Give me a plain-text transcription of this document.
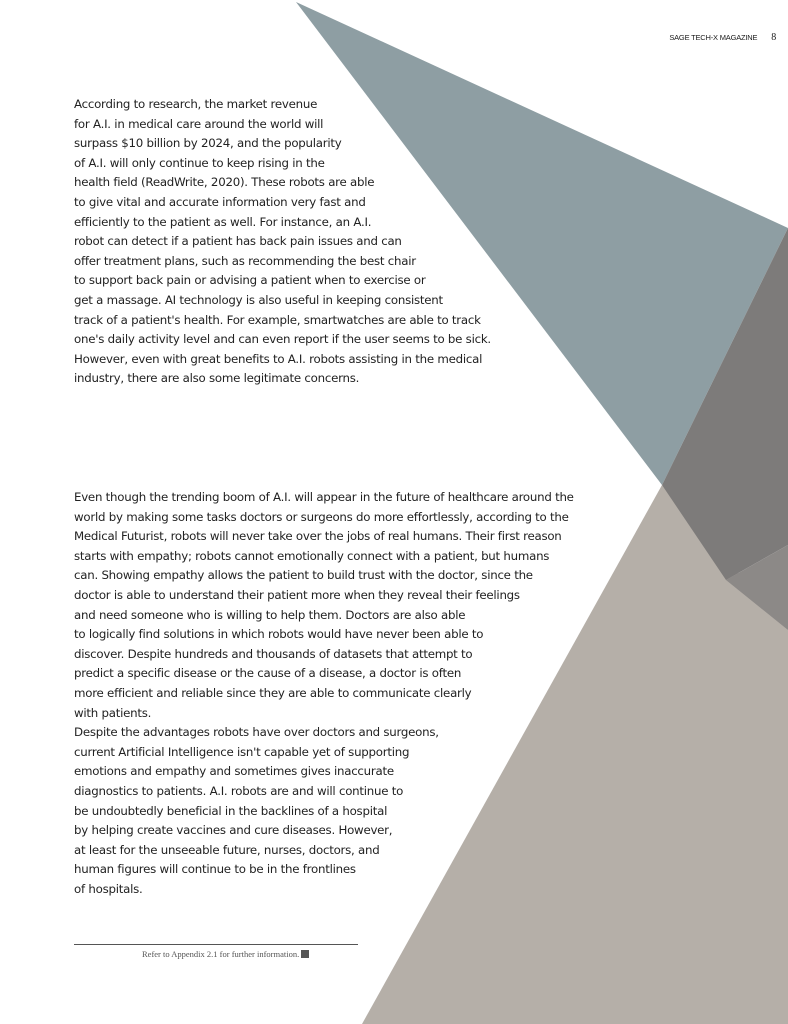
SAGE TECH-X MAGAZINE 8
According to research, the market revenue
for A.I. in medical care around the world will
surpass $10 billion by 2024, and the popularity
of A.I. will only continue to keep rising in the
health field (ReadWrite, 2020). These robots are able
to give vital and accurate information very fast and
efficiently to the patient as well. For instance, an A.I.
robot can detect if a patient has back pain issues and can
offer treatment plans, such as recommending the best chair
to support back pain or advising a patient when to exercise or
get a massage. AI technology is also useful in keeping consistent
track of a patient's health. For example, smartwatches are able to track
one's daily activity level and can even report if the user seems to be sick.
However, even with great benefits to A.I. robots assisting in the medical
industry, there are also some legitimate concerns.
Even though the trending boom of A.I. will appear in the future of healthcare around the
world by making some tasks doctors or surgeons do more effortlessly, according to the
Medical Futurist, robots will never take over the jobs of real humans. Their first reason
starts with empathy; robots cannot emotionally connect with a patient, but humans
can. Showing empathy allows the patient to build trust with the doctor, since the
doctor is able to understand their patient more when they reveal their feelings
and need someone who is willing to help them. Doctors are also able
to logically find solutions in which robots would have never been able to
discover. Despite hundreds and thousands of datasets that attempt to
predict a specific disease or the cause of a disease, a doctor is often
more efficient and reliable since they are able to communicate clearly
with patients.
Despite the advantages robots have over doctors and surgeons,
current Artificial Intelligence isn't capable yet of supporting
emotions and empathy and sometimes gives inaccurate
diagnostics to patients. A.I. robots are and will continue to
be undoubtedly beneficial in the backlines of a hospital
by helping create vaccines and cure diseases. However,
at least for the unseeable future, nurses, doctors, and
human figures will continue to be in the frontlines
of hospitals.
Refer to Appendix 2.1 for further information.
